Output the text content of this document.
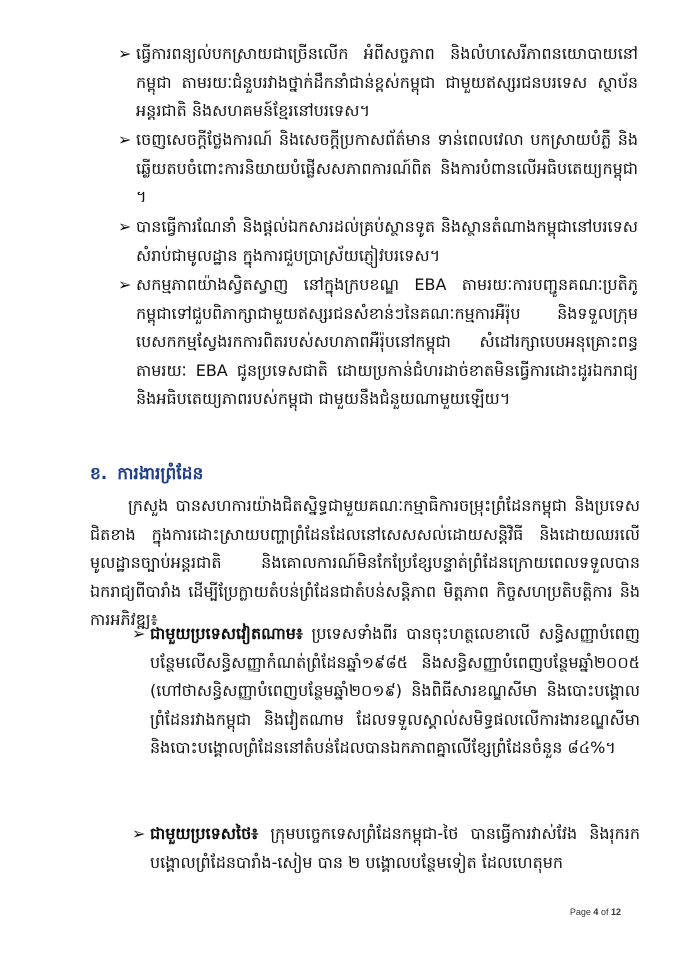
➢ ធ្វើការពន្យល់បកស្រាយជាច្រើនលើក អំពីសច្ចភាព និងលំហសេរីភាពនយោបាយនៅកម្ពុជា តាមរយៈជំនួបរវាងថ្នាក់ដឹកនាំជាន់ខ្ពស់កម្ពុជា ជាមួយឥស្សរជនបរទេស ស្ថាប័នអន្តរជាតិ និងសហគមន៍ខ្មែរនៅបរទេស។
➢ ចេញសេចក្តីថ្លែងការណ៍ និងសេចក្តីប្រកាសព័ត៌មាន ទាន់ពេលវេលា បកស្រាយបំភ្លឺ និង ឆ្លើយតបចំពោះការនិយាយបំផ្លើសសភាពការណ៍ពិត និងការបំពានលើអធិបតេយ្យកម្ពុជា ។
➢ បានធ្វើការណែនាំ និងផ្តល់ឯកសារដល់គ្រប់ស្ថានទូត និងស្ថានតំណាងកម្ពុជានៅបរទេស សំរាប់ជាមូលដ្ឋាន ក្នុងការជួបប្រាស្រ័យភ្ញៀវបរទេស។
➢ សកម្មភាពយ៉ាងស្វិតស្វាញ នៅក្នុងក្របខណ្ឌ EBA តាមរយៈការបញ្ជូនគណៈប្រតិភូកម្ពុជាទៅជួបពិភាក្សាជាមួយឥស្សរជនសំខាន់ៗនៃគណៈកម្មការអឺរ៉ុប និងទទួលក្រុមបេសកកម្មស្វែងរកការពិតរបស់សហភាពអឺរ៉ុបនៅកម្ពុជា សំដៅរក្សាបេបអនុគ្រោះពន្ធតាមរយៈ EBA ជូនប្រទេសជាតិ ដោយប្រកាន់ជំហរដាច់ខាតមិនធ្វើការដោះដូរឯករាជ្យ និងអធិបតេយ្យភាពរបស់កម្ពុជា ជាមួយនឹងជំនួយណាមួយឡើយ។
ខ. ការងារព្រំដែន
ក្រសួង បានសហការយ៉ាងជិតស្និទ្ធជាមួយគណៈកម្មាធិការចម្រុះព្រំដែនកម្ពុជា និងប្រទេសជិតខាង ក្នុងការដោះស្រាយបញ្ហាព្រំដែនដែលនៅសេសសល់ដោយសន្តិវិធី និងដោយឈរលើមូលដ្ឋានច្បាប់អន្តរជាតិ និងគោលការណ៍មិនកែប្រែខ្សែបន្ទាត់ព្រំដែនក្រោយពេលទទួលបានឯករាជ្យពីបារាំង ដើម្បីប្រែក្លាយតំបន់ព្រំដែនជាតំបន់សន្តិភាព មិត្តភាព កិច្ចសហប្រតិបត្តិការ និងការអភិវឌ្ឍ៖
➢ ជាមួយប្រទេសវៀតណាម៖ ប្រទេសទាំងពីរ បានចុះហត្ថលេខាលើ សន្ធិសញ្ញាបំពេញបន្ថែមលើសន្ធិសញ្ញាកំណត់ព្រំដែនឆ្នាំ១៩៨៥ និងសន្ធិសញ្ញាបំពេញបន្ថែមឆ្នាំ២០០៥ (ហៅថាសន្ធិសញ្ញាបំពេញបន្ថែមឆ្នាំ២០១៩) និងពិធីសារខណ្ឌសីមា និងបោះបង្គោលព្រំដែនរវាងកម្ពុជា និងវៀតណាម ដែលទទួលស្គាល់សមិទ្ធផលលើការងារខណ្ឌសីមា និងបោះបង្គោលព្រំដែននៅតំបន់ដែលបានឯកភាពគ្នាលើខ្សែព្រំដែនចំនួន ៨៤%។
➢ ជាមួយប្រទេសថៃ៖ ក្រុមបច្ចេកទេសព្រំដែនកម្ពុជា-ថៃ បានធ្វើការវាស់វែង និងរុករកបង្គោលព្រំដែនបារាំង-សៀម បាន ២ បង្គោលបន្ថែមទៀត ដែលហេតុមក
Page 4 of 12
